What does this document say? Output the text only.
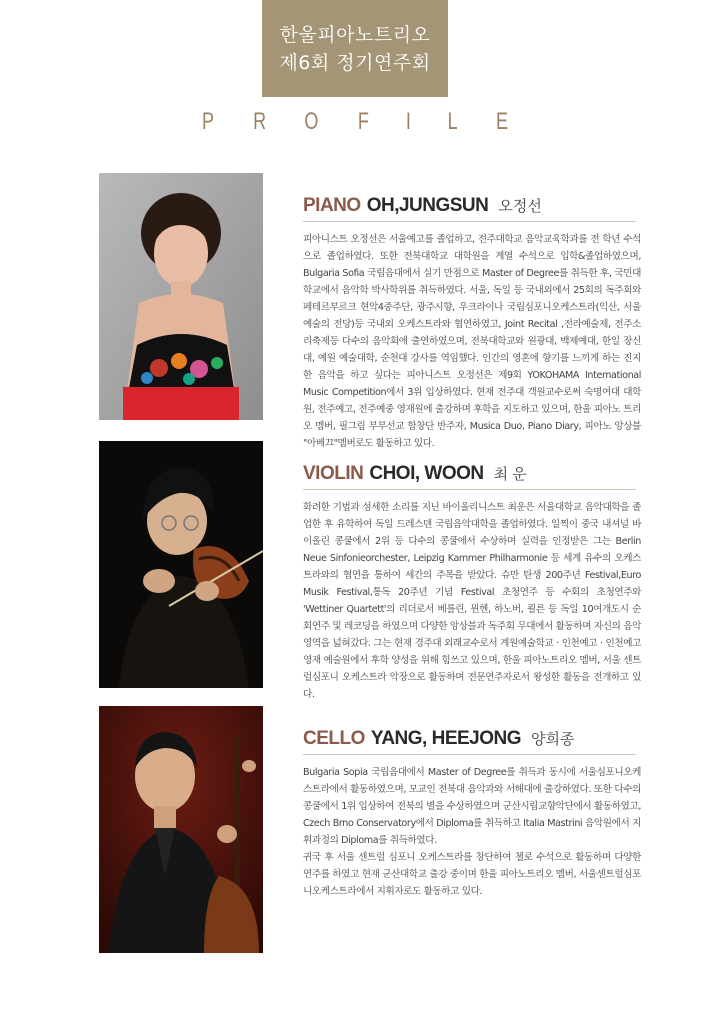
한울피아노트리오
제6회 정기연주회
P R O F I L E
PIANO OH,JUNGSUN 오정선

피아니스트 오정선은 서울예고를 졸업하고, 전주대학교 음악교육학과를 전 학년 수석으로 졸업하였다. 또한 전북대학교 대학원을 계열 수석으로 입학&졸업하였으며, Bulgaria Sofia 국립음대에서 실기 만점으로 Master of Degree를 취득한 후, 국민대학교에서 음악학 박사학위를 취득하였다. 서울, 독일 등 국내외에서 25회의 독주회와 페테르부르크 현악4중주단, 광주시향, 우크라이나 국립심포니오케스트라(익산, 서울 예술의 전당)등 국내외 오케스트라와 협연하였고, Joint Recital ,전라예술제, 전주소리축제등 다수의 음악회에 출연하였으며, 전북대학교와 원광대, 백제예대, 한일 장신대, 예원 예술대학, 순천대 강사를 역임했다. 인간의 영혼에 향기를 느끼게 하는 진지한 음악을 하고 싶다는 피아니스트 오정선은 제9회 YOKOHAMA International Music Competition에서 3위 입상하였다. 현재 전주대 객원교수로써 숙명여대 대학원, 전주예고, 전주예중 영재원에 출강하며 후학을 지도하고 있으며, 한울 피아노 트리오 멤버, 필그림 부부선교 합창단 반주자, Musica Duo, Piano Diary, 피아노 앙상블 "아베끄"멤버로도 활동하고 있다.

VIOLIN CHOI, WOON 최 운

화려한 기법과 섬세한 소리를 지닌 바이올리니스트 최운은 서울대학교 음악대학을 졸업한 후 유학하여 독일 드레스덴 국립음악대학을 졸업하였다. 일찍이 중국 내셔널 바이올린 콩쿨에서 2위 등 다수의 콩쿨에서 수상하며 실력을 인정받은 그는 Berlin Neue Sinfonieorchester, Leipzig Kammer Philharmonie 등 세계 유수의 오케스트라와의 협연을 통하여 세간의 주목을 받았다. 슈만 탄생 200주년 Festival,Euro Musik Festival,통독 20주년 기념 Festival 초청연주 등 수회의 초청연주와 'Wettiner Quartett'의 리더로서 베를린, 뮌헨, 하노버, 쾰른 등 독일 10여개도시 순회연주 및 레코딩을 하였으며 다양한 앙상블과 독주회 무대에서 활동하며 자신의 음악영역을 넓혀갔다. 그는 현재 경주대 외래교수로서 계원예술학교 · 인천예고 · 인천예고 영재 예술원에서 후학 양성을 위해 힘쓰고 있으며, 한울 피아노트리오 멤버, 서울 센트럴심포니 오케스트라 악장으로 활동하며 전문연주자로서 왕성한 활동을 전개하고 있다.

CELLO YANG, HEEJONG 양희종

Bulgaria Sopia 국립음대에서 Master of Degree를 취득과 동시에 서울심포니오케스트라에서 활동하였으며, 모교인 전북대 음악과와 서해대에 출강하였다. 또한 다수의 콩쿨에서 1위 입상하여 전북의 별을 수상하였으며 군산시립교향악단에서 활동하였고, Czech Brno Conservatory에서 Diploma를 취득하고 Italia Mastrini 음악원에서 지휘과정의 Diploma를 취득하였다.

귀국 후 서울 센트럴 심포니 오케스트라를 창단하여 첼로 수석으로 활동하며 다양한 연주를 하였고 현재 군산대학교 출강 중이며 한울 피아노트리오 멤버, 서울센트럴심포니오케스트라에서 지휘자로도 활동하고 있다.
